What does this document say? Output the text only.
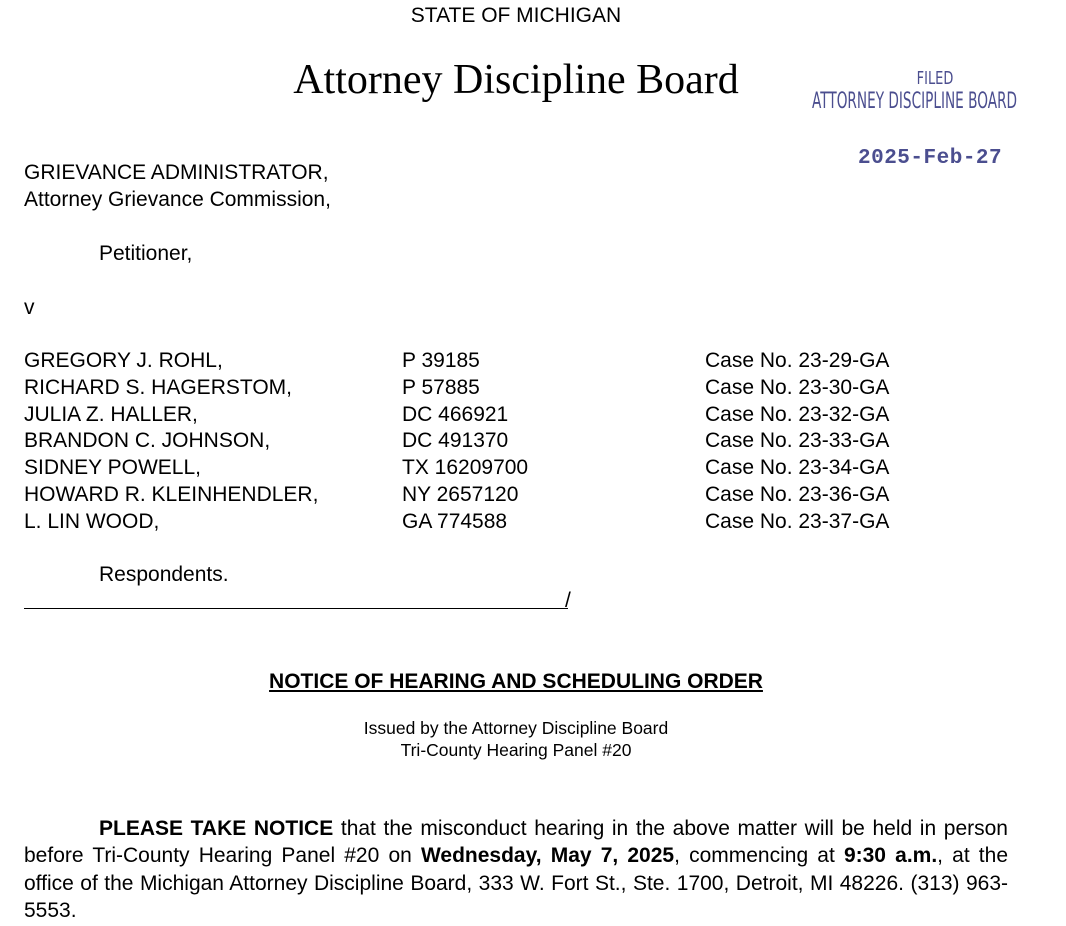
STATE OF MICHIGAN
Attorney Discipline Board	FILED
ATTORNEY DISCIPLINE BOARD
2025-Feb-27
GRIEVANCE ADMINISTRATOR,
Attorney Grievance Commission,
Petitioner,
v
GREGORY J. ROHL,	P 39185	Case No. 23-29-GA
RICHARD S. HAGERSTOM,	P 57885	Case No. 23-30-GA
JULIA Z. HALLER,	DC 466921	Case No. 23-32-GA
BRANDON C. JOHNSON,	DC 491370	Case No. 23-33-GA
SIDNEY POWELL,	TX 16209700	Case No. 23-34-GA
HOWARD R. KLEINHENDLER,	NY 2657120	Case No. 23-36-GA
L. LIN WOOD,	GA 774588	Case No. 23-37-GA
Respondents.
/
NOTICE OF HEARING AND SCHEDULING ORDER
Issued by the Attorney Discipline Board
Tri-County Hearing Panel #20
PLEASE TAKE NOTICE that the misconduct hearing in the above matter will be held in person before Tri-County Hearing Panel #20 on Wednesday, May 7, 2025, commencing at 9:30 a.m., at the office of the Michigan Attorney Discipline Board, 333 W. Fort St., Ste. 1700, Detroit, MI 48226. (313) 963-5553.
